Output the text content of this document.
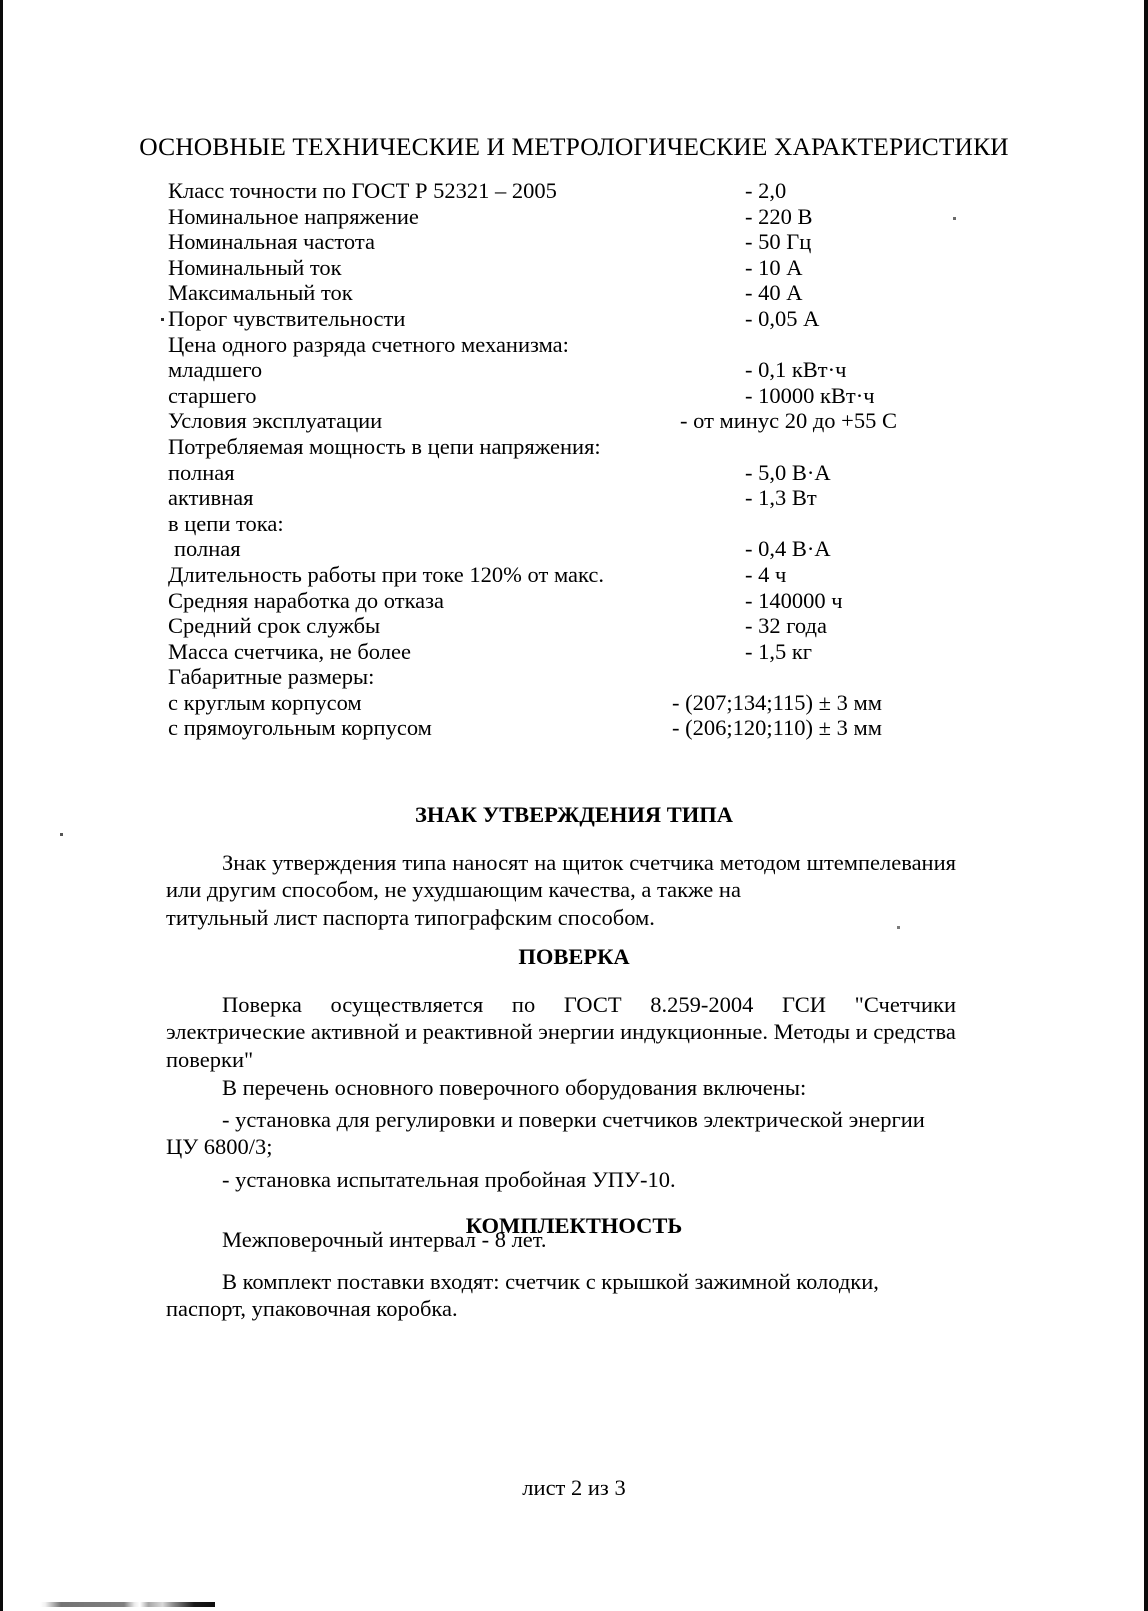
ОСНОВНЫЕ ТЕХНИЧЕСКИЕ И МЕТРОЛОГИЧЕСКИЕ ХАРАКТЕРИСТИКИ
Класс точности по ГОСТ Р 52321 – 2005	- 2,0
Номинальное напряжение	- 220 В
Номинальная частота	- 50 Гц
Номинальный ток	- 10 А
Максимальный ток	- 40 А
Порог чувствительности	- 0,05 А
Цена одного разряда счетного механизма:
младшего	- 0,1 кВт·ч
старшего	- 10000 кВт·ч
Условия эксплуатации	- от минус 20 до +55 С
Потребляемая мощность в цепи напряжения:
полная	- 5,0 В·А
активная	- 1,3 Вт
в цепи тока:
полная	- 0,4 В·А
Длительность работы при токе 120% от макс.	- 4 ч
Средняя наработка до отказа	- 140000 ч
Средний срок службы	- 32 года
Масса счетчика, не более	- 1,5 кг
Габаритные размеры:
с круглым корпусом	- (207;134;115) ± 3 мм
с прямоугольным корпусом	- (206;120;110) ± 3 мм
ЗНАК УТВЕРЖДЕНИЯ ТИПА

Знак утверждения типа наносят на щиток счетчика методом штемпелевания или другим способом, не ухудшающим качества, а также на
титульный лист паспорта типографским способом.

ПОВЕРКА

Поверка осуществляется по ГОСТ 8.259-2004 ГСИ "Счетчики электрические активной и реактивной энергии индукционные. Методы и средства
поверки"

В перечень основного поверочного оборудования включены:

- установка для регулировки и поверки счетчиков электрической энергии
ЦУ 6800/3;

- установка испытательная пробойная УПУ-10.

Межповерочный интервал - 8 лет.

КОМПЛЕКТНОСТЬ

В комплект поставки входят: счетчик с крышкой зажимной колодки,
паспорт, упаковочная коробка.

лист 2 из 3
